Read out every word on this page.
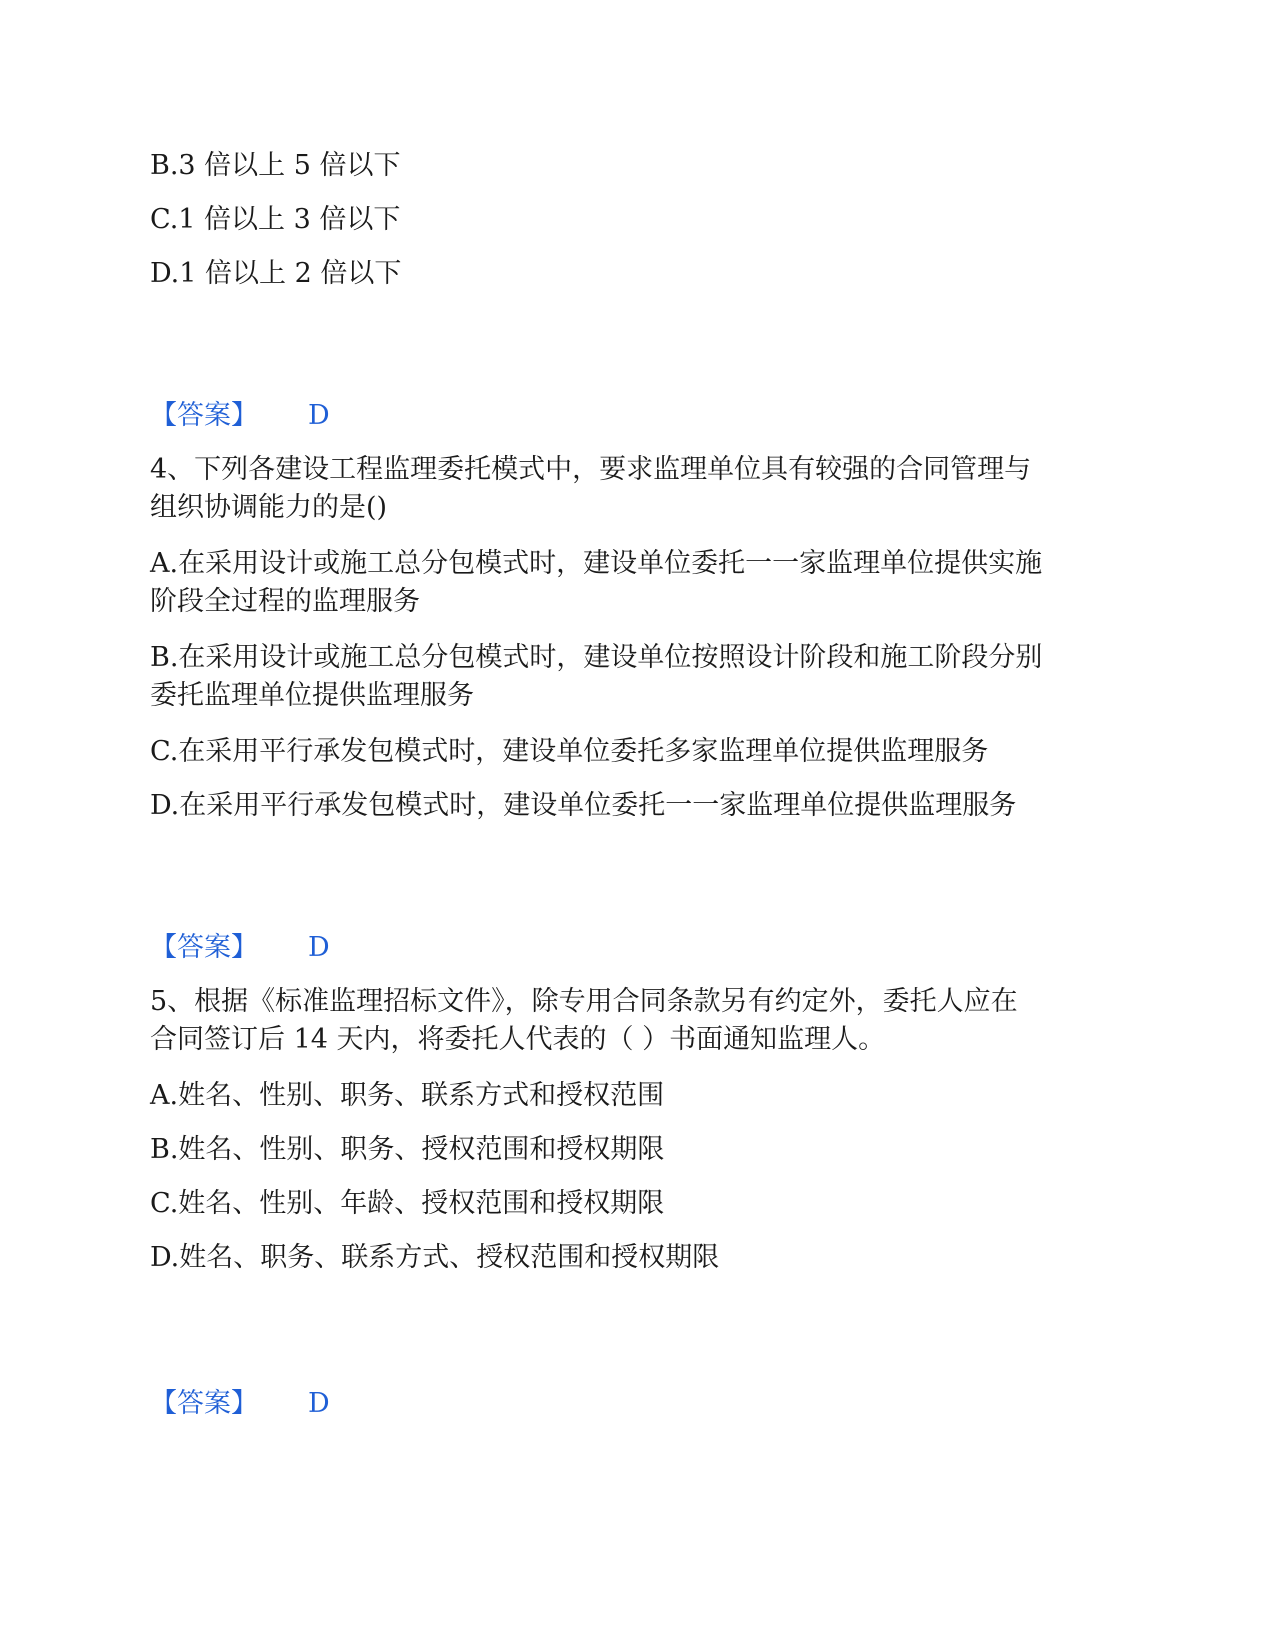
B.3 倍以上 5 倍以下
C.1 倍以上 3 倍以下
D.1 倍以上 2 倍以下
【答案】 D
4、下列各建设工程监理委托模式中，要求监理单位具有较强的合同管理与
组织协调能力的是()
A.在采用设计或施工总分包模式时，建设单位委托一一家监理单位提供实施
阶段全过程的监理服务
B.在采用设计或施工总分包模式时，建设单位按照设计阶段和施工阶段分别
委托监理单位提供监理服务
C.在采用平行承发包模式时，建设单位委托多家监理单位提供监理服务
D.在采用平行承发包模式时，建设单位委托一一家监理单位提供监理服务
【答案】 D
5、根据《标准监理招标文件》，除专用合同条款另有约定外，委托人应在
合同签订后 14 天内，将委托人代表的（ ）书面通知监理人。
A.姓名、性别、职务、联系方式和授权范围
B.姓名、性别、职务、授权范围和授权期限
C.姓名、性别、年龄、授权范围和授权期限
D.姓名、职务、联系方式、授权范围和授权期限
【答案】 D
